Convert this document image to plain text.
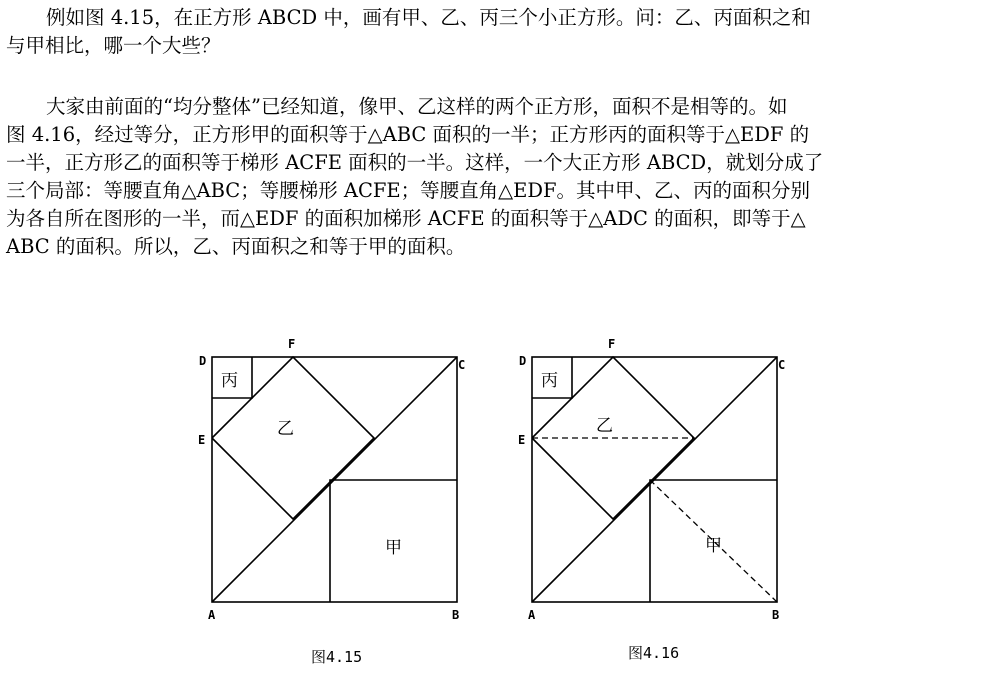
例如图 4.15，在正方形 ABCD 中，画有甲、乙、丙三个小正方形。问：乙、丙面积之和
与甲相比，哪一个大些？

大家由前面的“均分整体”已经知道，像甲、乙这样的两个正方形，面积不是相等的。如
图 4.16，经过等分，正方形甲的面积等于△ABC 面积的一半；正方形丙的面积等于△EDF 的
一半，正方形乙的面积等于梯形 ACFE 面积的一半。这样，一个大正方形 ABCD，就划分成了
三个局部：等腰直角△ABC；等腰梯形 ACFE；等腰直角△EDF。其中甲、乙、丙的面积分别
为各自所在图形的一半，而△EDF 的面积加梯形 ACFE 的面积等于△ADC 的面积，即等于△
ABC 的面积。所以，乙、丙面积之和等于甲的面积。

D
F
C
E
A	B
丙
乙
甲
图4.15
D
F
C
E
A	B
丙
乙
甲
图4.16
